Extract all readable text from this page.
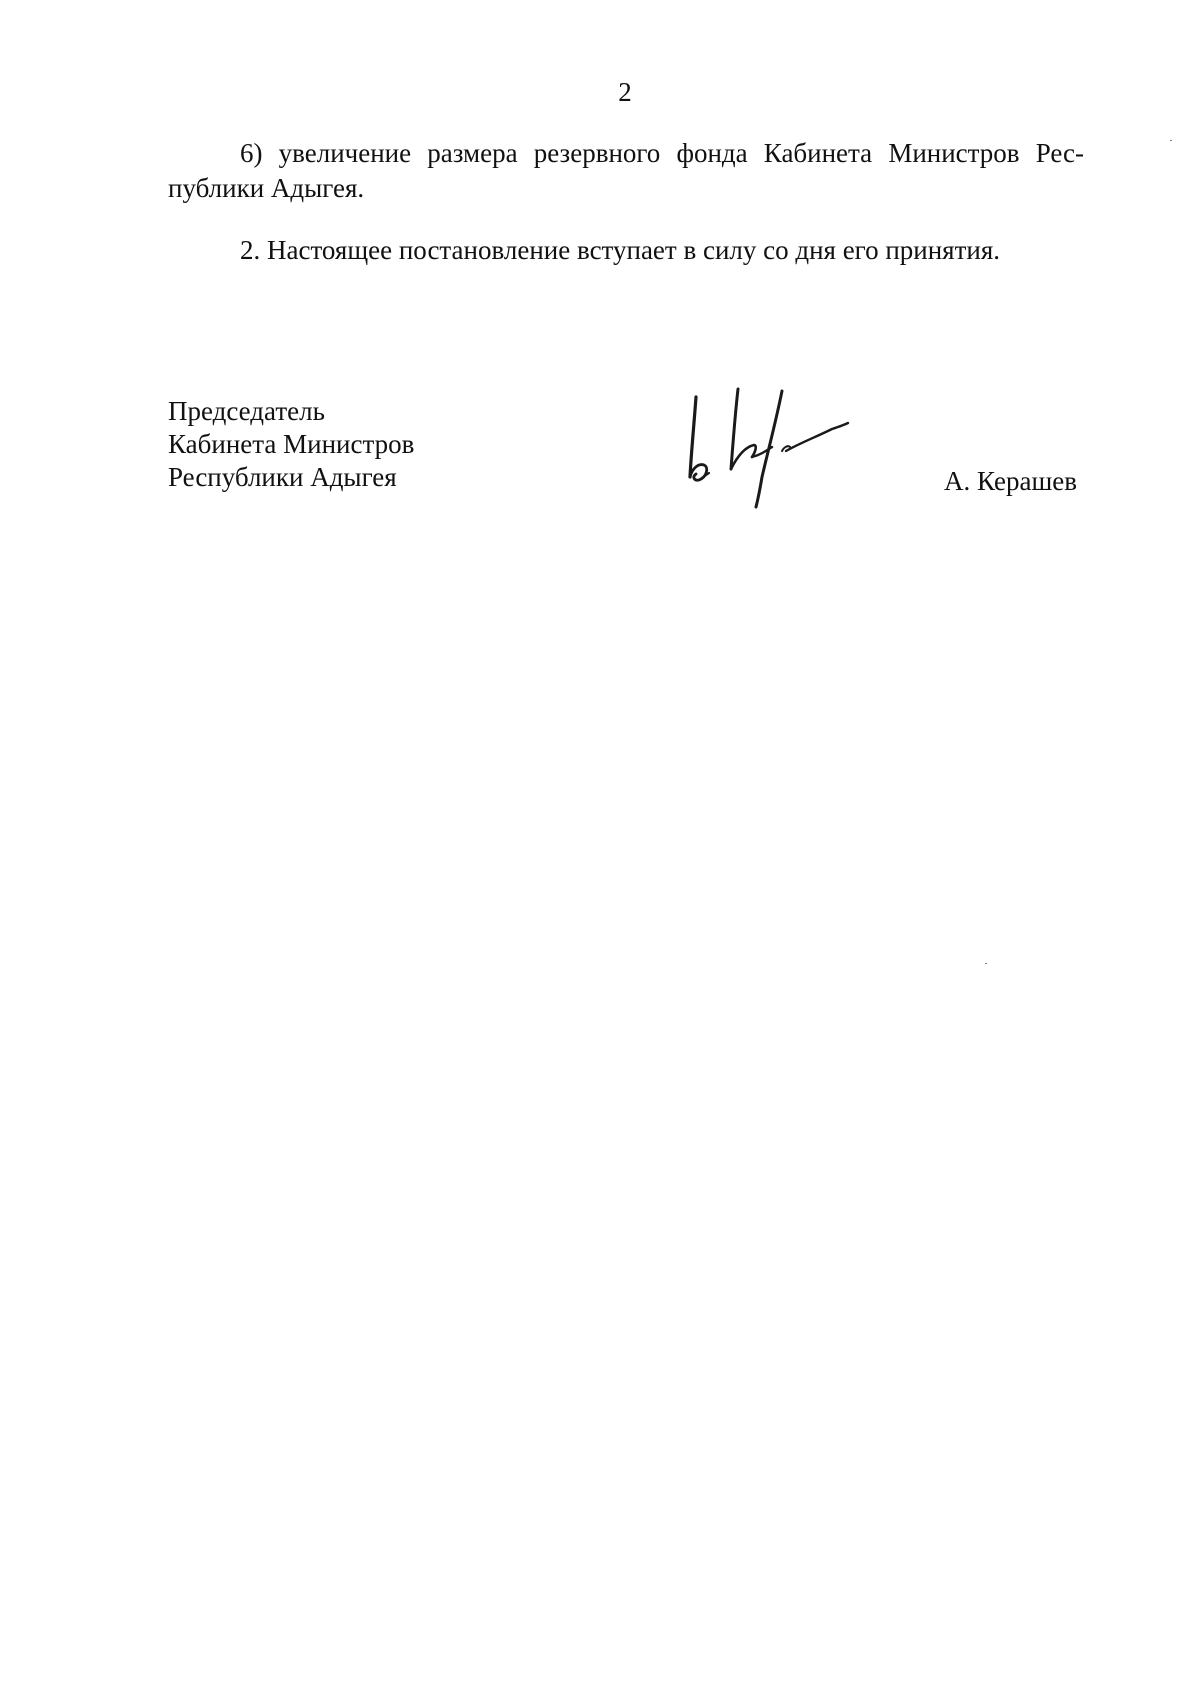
2

6) увеличение размера резервного фонда Кабинета Министров Республики Адыгея.

2. Настоящее постановление вступает в силу со дня его принятия.

Председатель
Кабинета Министров
Республики Адыгея	А. Керашев
